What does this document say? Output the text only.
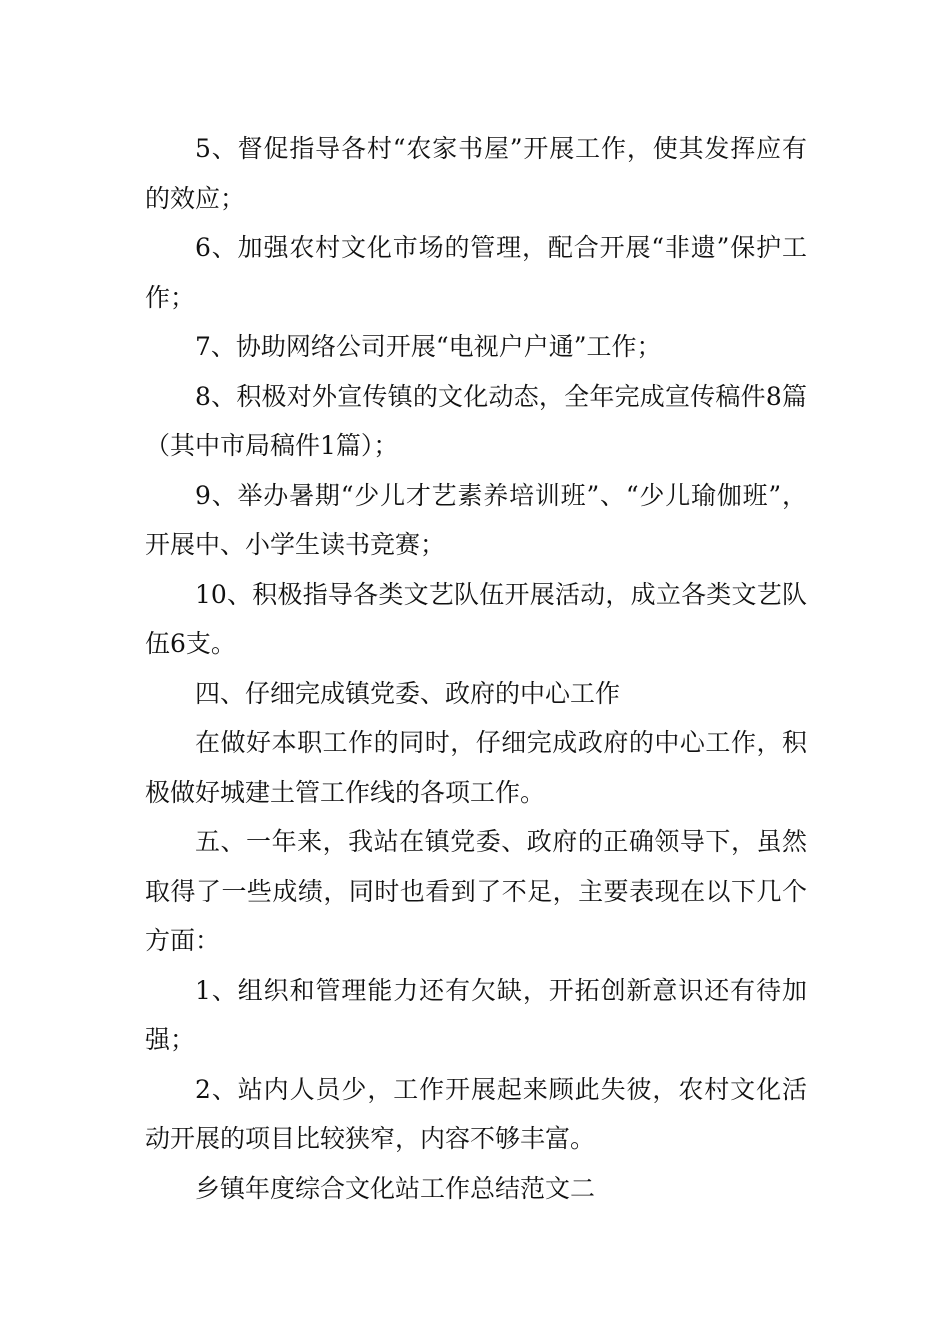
5、督促指导各村“农家书屋”开展工作，使其发挥应有的效应；

6、加强农村文化市场的管理，配合开展“非遗”保护工作；

7、协助网络公司开展“电视户户通”工作；

8、积极对外宣传镇的文化动态，全年完成宣传稿件8篇（其中市局稿件1篇）；

9、举办暑期“少儿才艺素养培训班”、“少儿瑜伽班”，开展中、小学生读书竞赛；

10、积极指导各类文艺队伍开展活动，成立各类文艺队伍6支。

四、仔细完成镇党委、政府的中心工作

在做好本职工作的同时，仔细完成政府的中心工作，积极做好城建土管工作线的各项工作。

五、一年来，我站在镇党委、政府的正确领导下，虽然取得了一些成绩，同时也看到了不足，主要表现在以下几个方面：

1、组织和管理能力还有欠缺，开拓创新意识还有待加强；

2、站内人员少，工作开展起来顾此失彼，农村文化活动开展的项目比较狭窄，内容不够丰富。

乡镇年度综合文化站工作总结范文二
